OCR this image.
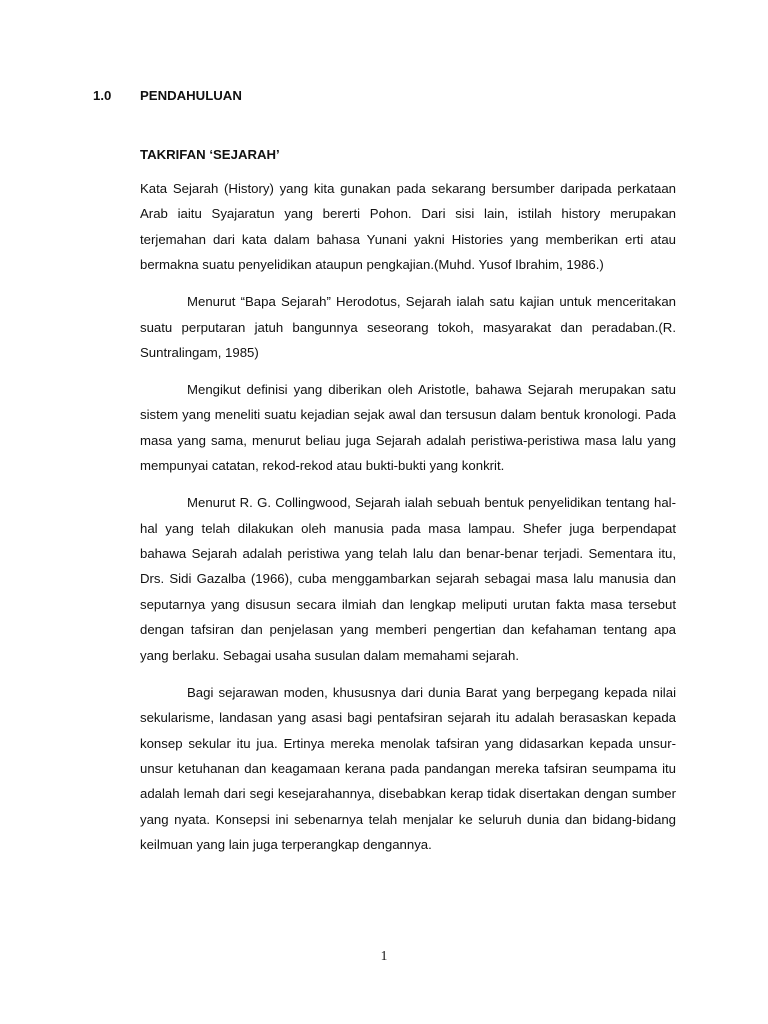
1.0	PENDAHULUAN
TAKRIFAN ‘SEJARAH’

Kata Sejarah (History) yang kita gunakan pada sekarang bersumber daripada perkataan Arab iaitu Syajaratun yang bererti Pohon. Dari sisi lain, istilah history merupakan terjemahan dari kata dalam bahasa Yunani yakni Histories yang memberikan erti atau bermakna suatu penyelidikan ataupun pengkajian.(Muhd. Yusof Ibrahim, 1986.)

Menurut “Bapa Sejarah” Herodotus, Sejarah ialah satu kajian untuk menceritakan suatu perputaran jatuh bangunnya seseorang tokoh, masyarakat dan peradaban.(R. Suntralingam, 1985)

Mengikut definisi yang diberikan oleh Aristotle, bahawa Sejarah merupakan satu sistem yang meneliti suatu kejadian sejak awal dan tersusun dalam bentuk kronologi. Pada masa yang sama, menurut beliau juga Sejarah adalah peristiwa-peristiwa masa lalu yang mempunyai catatan, rekod-rekod atau bukti-bukti yang konkrit.

Menurut R. G. Collingwood, Sejarah ialah sebuah bentuk penyelidikan tentang hal-hal yang telah dilakukan oleh manusia pada masa lampau. Shefer juga berpendapat bahawa Sejarah adalah peristiwa yang telah lalu dan benar-benar terjadi. Sementara itu, Drs. Sidi Gazalba (1966), cuba menggambarkan sejarah sebagai masa lalu manusia dan seputarnya yang disusun secara ilmiah dan lengkap meliputi urutan fakta masa tersebut dengan tafsiran dan penjelasan yang memberi pengertian dan kefahaman tentang apa yang berlaku. Sebagai usaha susulan dalam memahami sejarah.

Bagi sejarawan moden, khususnya dari dunia Barat yang berpegang kepada nilai sekularisme, landasan yang asasi bagi pentafsiran sejarah itu adalah berasaskan kepada konsep sekular itu jua. Ertinya mereka menolak tafsiran yang didasarkan kepada unsur-unsur ketuhanan dan keagamaan kerana pada pandangan mereka tafsiran seumpama itu adalah lemah dari segi kesejarahannya, disebabkan kerap tidak disertakan dengan sumber yang nyata. Konsepsi ini sebenarnya telah menjalar ke seluruh dunia dan bidang-bidang keilmuan yang lain juga terperangkap dengannya.

1
